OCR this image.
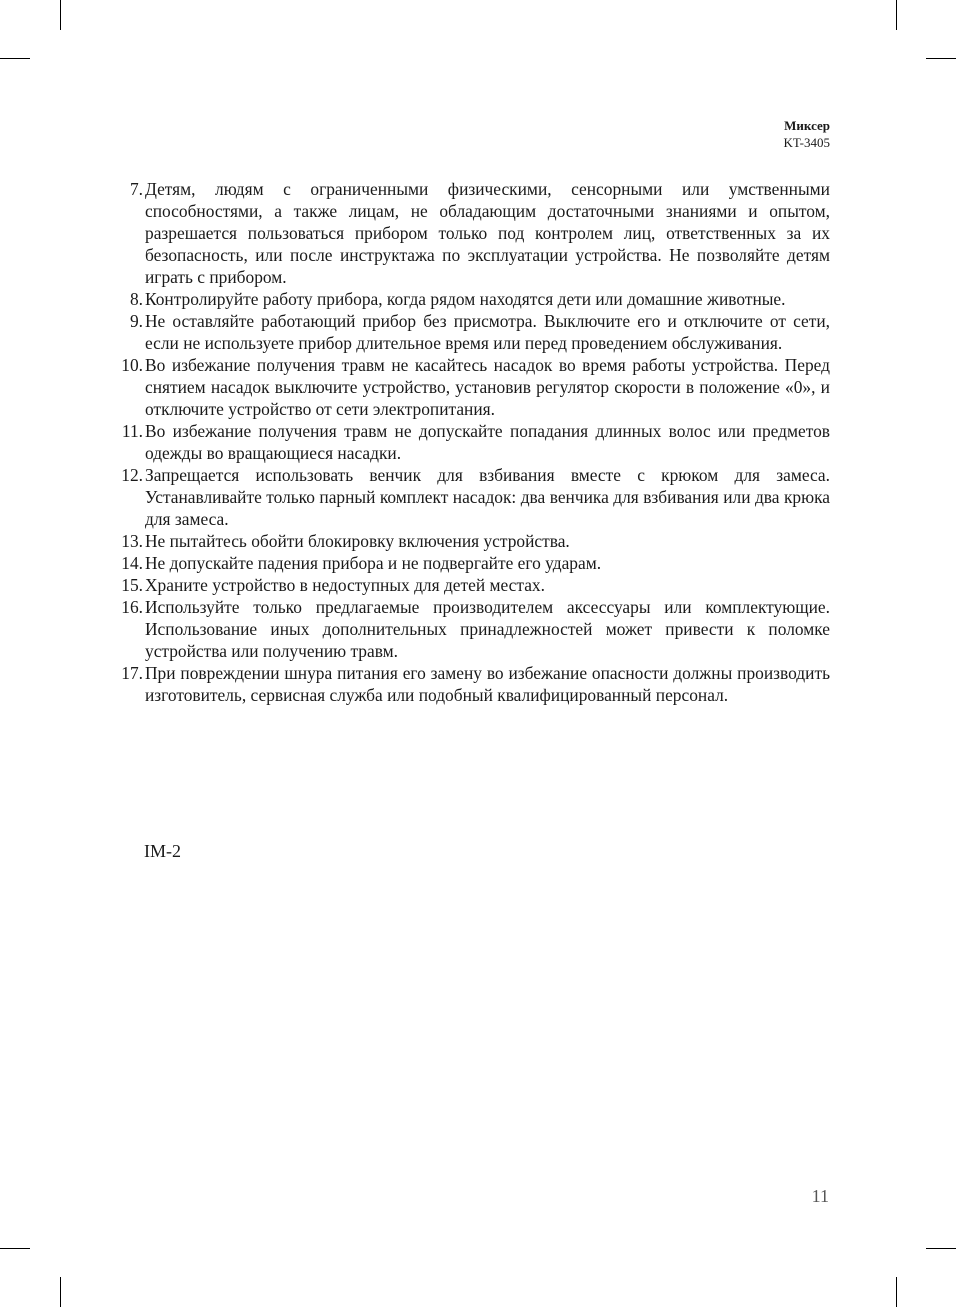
Миксер
KT-3405
7. Детям, людям с ограниченными физическими, сенсорными или умственными способностями, а также лицам, не обладающим достаточными знаниями и опытом, разрешается пользоваться прибором только под контролем лиц, ответственных за их безопасность, или после инструктажа по эксплуатации устройства. Не позволяйте детям играть с прибором.
8. Контролируйте работу прибора, когда рядом находятся дети или домашние животные.
9. Не оставляйте работающий прибор без присмотра. Выключите его и отключите от сети, если не используете прибор длительное время или перед проведением обслуживания.
10. Во избежание получения травм не касайтесь насадок во время работы устройства. Перед снятием насадок выключите устройство, установив регулятор скорости в положение «0», и отключите устройство от сети электропитания.
11. Во избежание получения травм не допускайте попадания длинных волос или предметов одежды во вращающиеся насадки.
12. Запрещается использовать венчик для взбивания вместе с крюком для замеса. Устанавливайте только парный комплект насадок: два венчика для взбивания или два крюка для замеса.
13. Не пытайтесь обойти блокировку включения устройства.
14. Не допускайте падения прибора и не подвергайте его ударам.
15. Храните устройство в недоступных для детей местах.
16. Используйте только предлагаемые производителем аксессуары или комплектующие. Использование иных дополнительных принадлежностей может привести к поломке устройства или получению травм.
17. При повреждении шнура питания его замену во избежание опасности должны производить изготовитель, сервисная служба или подобный квалифицированный персонал.
IM-2
11
